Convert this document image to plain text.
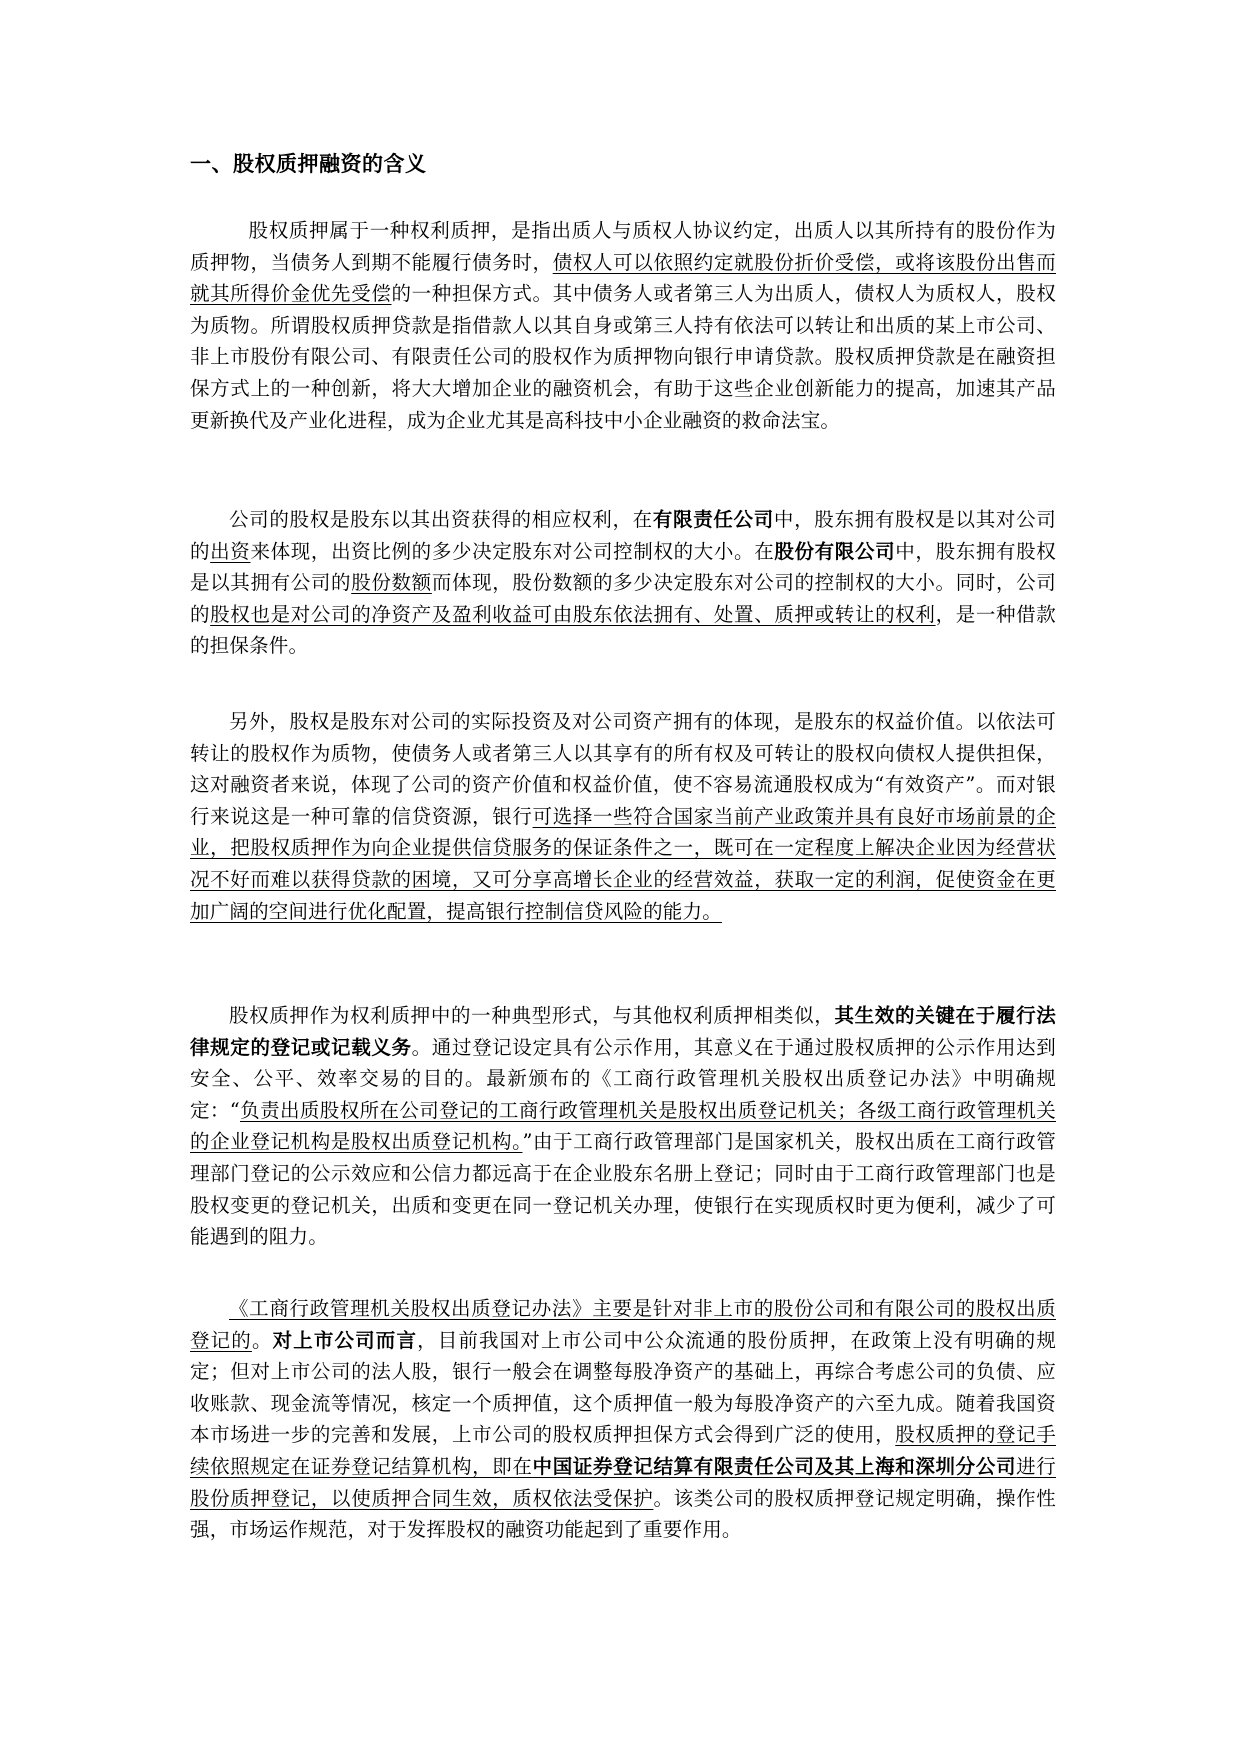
一、股权质押融资的含义

股权质押属于一种权利质押，是指出质人与质权人协议约定，出质人以其所持有的股份作为质押物，当债务人到期不能履行债务时，债权人可以依照约定就股份折价受偿，或将该股份出售而就其所得价金优先受偿的一种担保方式。其中债务人或者第三人为出质人，债权人为质权人，股权为质物。所谓股权质押贷款是指借款人以其自身或第三人持有依法可以转让和出质的某上市公司、非上市股份有限公司、有限责任公司的股权作为质押物向银行申请贷款。股权质押贷款是在融资担保方式上的一种创新，将大大增加企业的融资机会，有助于这些企业创新能力的提高，加速其产品更新换代及产业化进程，成为企业尤其是高科技中小企业融资的救命法宝。

公司的股权是股东以其出资获得的相应权利，在有限责任公司中，股东拥有股权是以其对公司的出资来体现，出资比例的多少决定股东对公司控制权的大小。在股份有限公司中，股东拥有股权是以其拥有公司的股份数额而体现，股份数额的多少决定股东对公司的控制权的大小。同时，公司的股权也是对公司的净资产及盈利收益可由股东依法拥有、处置、质押或转让的权利，是一种借款的担保条件。

另外，股权是股东对公司的实际投资及对公司资产拥有的体现，是股东的权益价值。以依法可转让的股权作为质物，使债务人或者第三人以其享有的所有权及可转让的股权向债权人提供担保，这对融资者来说，体现了公司的资产价值和权益价值，使不容易流通股权成为“有效资产”。而对银行来说这是一种可靠的信贷资源，银行可选择一些符合国家当前产业政策并具有良好市场前景的企业，把股权质押作为向企业提供信贷服务的保证条件之一，既可在一定程度上解决企业因为经营状况不好而难以获得贷款的困境，又可分享高增长企业的经营效益，获取一定的利润，促使资金在更加广阔的空间进行优化配置，提高银行控制信贷风险的能力。

股权质押作为权利质押中的一种典型形式，与其他权利质押相类似，其生效的关键在于履行法律规定的登记或记载义务。通过登记设定具有公示作用，其意义在于通过股权质押的公示作用达到安全、公平、效率交易的目的。最新颁布的《工商行政管理机关股权出质登记办法》中明确规定：“负责出质股权所在公司登记的工商行政管理机关是股权出质登记机关；各级工商行政管理机关的企业登记机构是股权出质登记机构。”由于工商行政管理部门是国家机关，股权出质在工商行政管理部门登记的公示效应和公信力都远高于在企业股东名册上登记；同时由于工商行政管理部门也是股权变更的登记机关，出质和变更在同一登记机关办理，使银行在实现质权时更为便利，减少了可能遇到的阻力。

《工商行政管理机关股权出质登记办法》主要是针对非上市的股份公司和有限公司的股权出质登记的。对上市公司而言，目前我国对上市公司中公众流通的股份质押，在政策上没有明确的规定；但对上市公司的法人股，银行一般会在调整每股净资产的基础上，再综合考虑公司的负债、应收账款、现金流等情况，核定一个质押值，这个质押值一般为每股净资产的六至九成。随着我国资本市场进一步的完善和发展，上市公司的股权质押担保方式会得到广泛的使用，股权质押的登记手续依照规定在证券登记结算机构，即在中国证券登记结算有限责任公司及其上海和深圳分公司进行股份质押登记，以使质押合同生效，质权依法受保护。该类公司的股权质押登记规定明确，操作性强，市场运作规范，对于发挥股权的融资功能起到了重要作用。
